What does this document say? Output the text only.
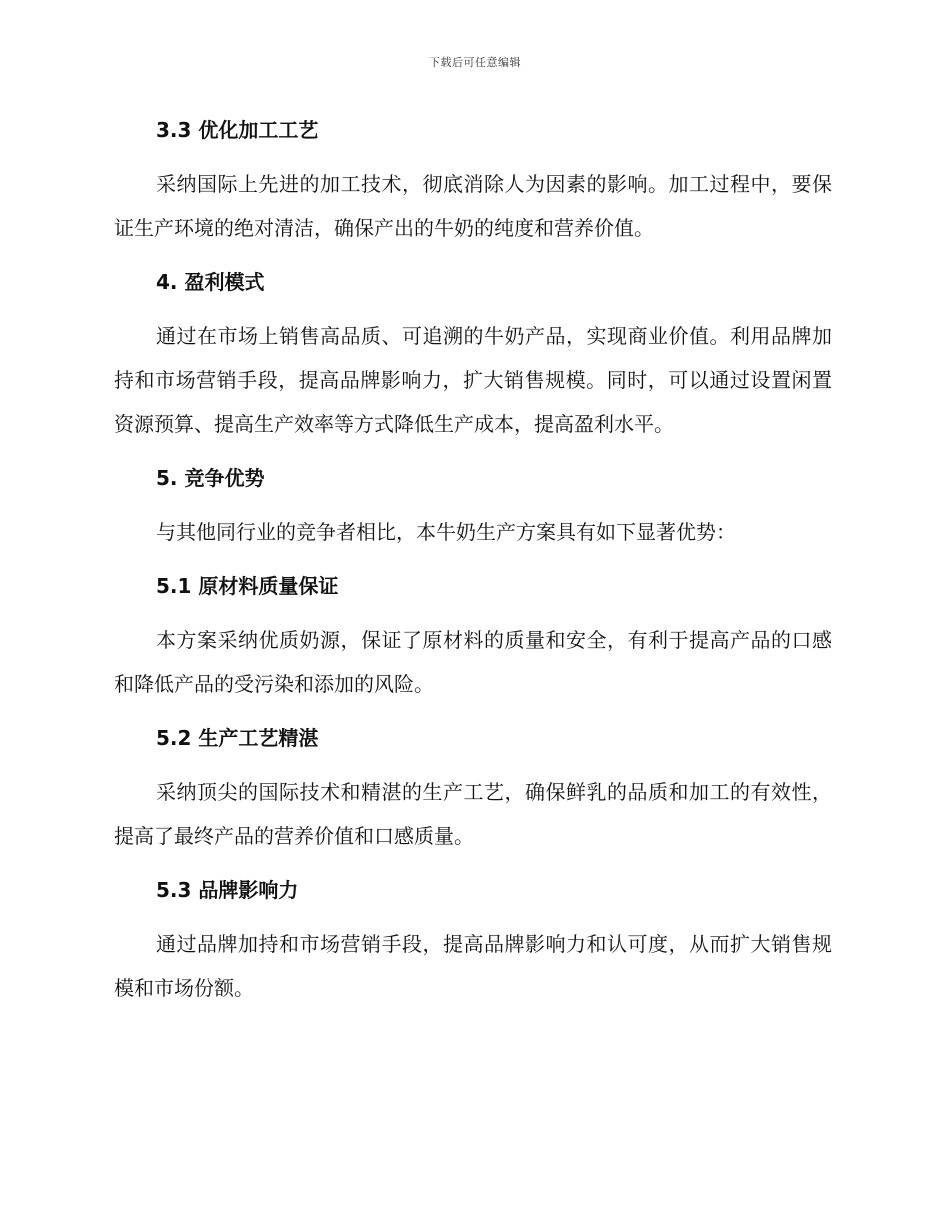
下载后可任意编辑
3.3 优化加工工艺

采纳国际上先进的加工技术，彻底消除人为因素的影响。加工过程中，要保证生产环境的绝对清洁，确保产出的牛奶的纯度和营养价值。

4. 盈利模式

通过在市场上销售高品质、可追溯的牛奶产品，实现商业价值。利用品牌加持和市场营销手段，提高品牌影响力，扩大销售规模。同时，可以通过设置闲置资源预算、提高生产效率等方式降低生产成本，提高盈利水平。

5. 竞争优势

与其他同行业的竞争者相比，本牛奶生产方案具有如下显著优势：

5.1 原材料质量保证

本方案采纳优质奶源，保证了原材料的质量和安全，有利于提高产品的口感和降低产品的受污染和添加的风险。

5.2 生产工艺精湛

采纳顶尖的国际技术和精湛的生产工艺，确保鲜乳的品质和加工的有效性，提高了最终产品的营养价值和口感质量。

5.3 品牌影响力

通过品牌加持和市场营销手段，提高品牌影响力和认可度，从而扩大销售规模和市场份额。
